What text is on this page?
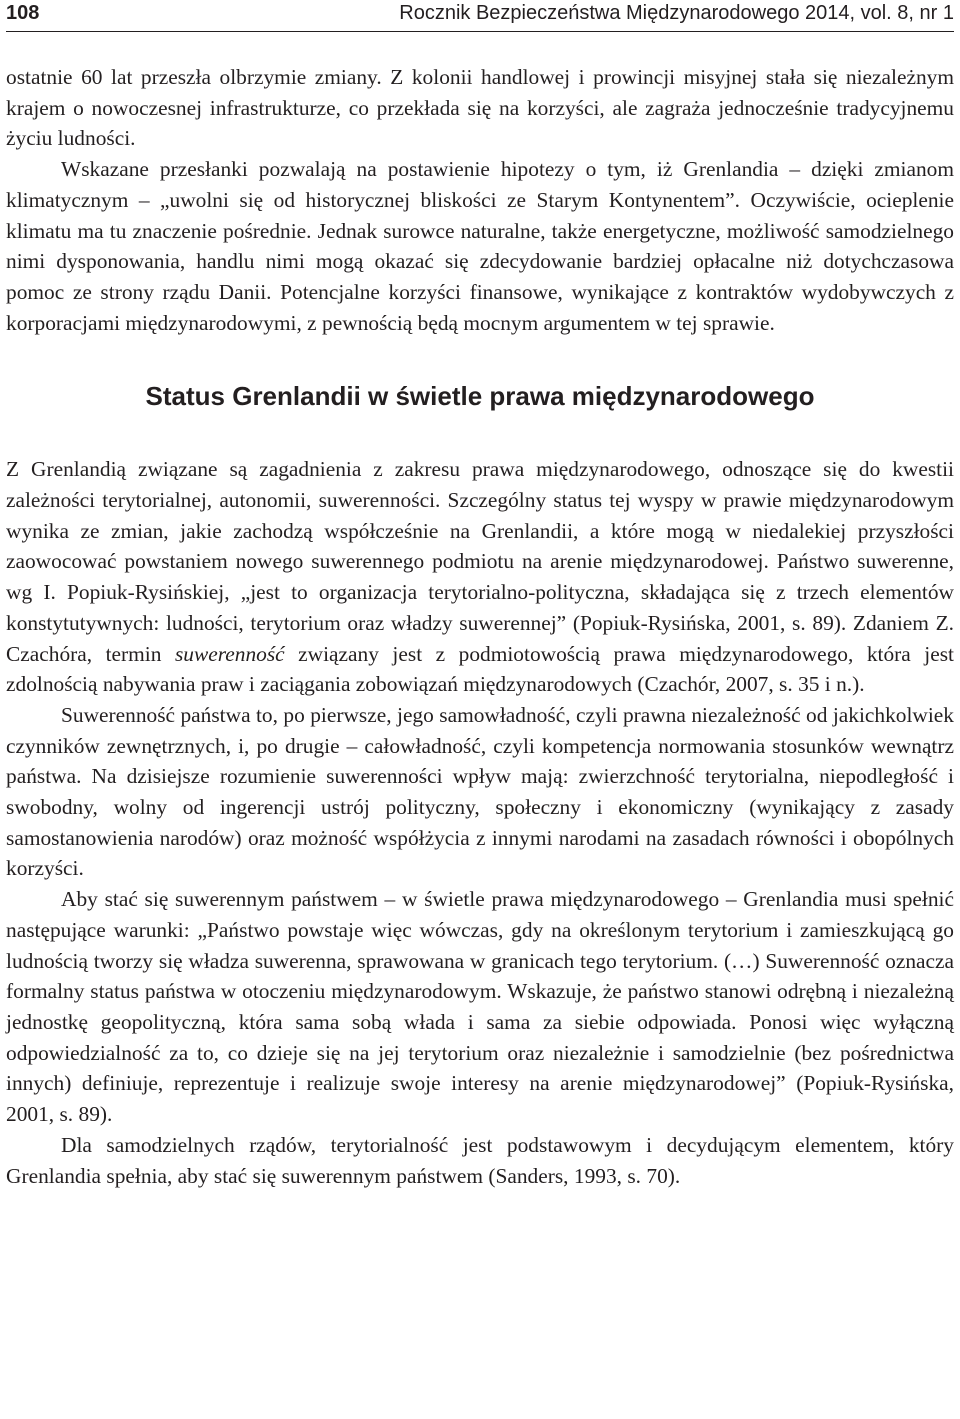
108	Rocznik Bezpieczeństwa Międzynarodowego 2014, vol. 8, nr 1

ostatnie 60 lat przeszła olbrzymie zmiany. Z kolonii handlowej i prowincji misyjnej stała się niezależnym krajem o nowoczesnej infrastrukturze, co przekłada się na korzyści, ale zagraża jednocześnie tradycyjnemu życiu ludności.

Wskazane przesłanki pozwalają na postawienie hipotezy o tym, iż Grenlandia – dzięki zmianom klimatycznym – „uwolni się od historycznej bliskości ze Starym Kontynentem”. Oczywiście, ocieplenie klimatu ma tu znaczenie pośrednie. Jednak surowce naturalne, także energetyczne, możliwość samodzielnego nimi dysponowania, handlu nimi mogą okazać się zdecydowanie bardziej opłacalne niż dotychczasowa pomoc ze strony rządu Danii. Potencjalne korzyści finansowe, wynikające z kontraktów wydobywczych z korporacjami międzynarodowymi, z pewnością będą mocnym argumentem w tej sprawie.

Status Grenlandii w świetle prawa międzynarodowego

Z Grenlandią związane są zagadnienia z zakresu prawa międzynarodowego, odnoszące się do kwestii zależności terytorialnej, autonomii, suwerenności. Szczególny status tej wyspy w prawie międzynarodowym wynika ze zmian, jakie zachodzą współcześnie na Grenlandii, a które mogą w niedalekiej przyszłości zaowocować powstaniem nowego suwerennego podmiotu na arenie międzynarodowej. Państwo suwerenne, wg I. Popiuk-Rysińskiej, „jest to organizacja terytorialno-polityczna, składająca się z trzech elementów konstytutywnych: ludności, terytorium oraz władzy suwerennej” (Popiuk-Rysińska, 2001, s. 89). Zdaniem Z. Czachóra, termin suwerenność związany jest z podmiotowością prawa międzynarodowego, która jest zdolnością nabywania praw i zaciągania zobowiązań międzynarodowych (Czachór, 2007, s. 35 i n.).

Suwerenność państwa to, po pierwsze, jego samowładność, czyli prawna niezależność od jakichkolwiek czynników zewnętrznych, i, po drugie – całowładność, czyli kompetencja normowania stosunków wewnątrz państwa. Na dzisiejsze rozumienie suwerenności wpływ mają: zwierzchność terytorialna, niepodległość i swobodny, wolny od ingerencji ustrój polityczny, społeczny i ekonomiczny (wynikający z zasady samostanowienia narodów) oraz możność współżycia z innymi narodami na zasadach równości i obopólnych korzyści.

Aby stać się suwerennym państwem – w świetle prawa międzynarodowego – Grenlandia musi spełnić następujące warunki: „Państwo powstaje więc wówczas, gdy na określonym terytorium i zamieszkującą go ludnością tworzy się władza suwerenna, sprawowana w granicach tego terytorium. (…) Suwerenność oznacza formalny status państwa w otoczeniu międzynarodowym. Wskazuje, że państwo stanowi odrębną i niezależną jednostkę geopolityczną, która sama sobą włada i sama za siebie odpowiada. Ponosi więc wyłączną odpowiedzialność za to, co dzieje się na jej terytorium oraz niezależnie i samodzielnie (bez pośrednictwa innych) definiuje, reprezentuje i realizuje swoje interesy na arenie międzynarodowej” (Popiuk-Rysińska, 2001, s. 89).

Dla samodzielnych rządów, terytorialność jest podstawowym i decydującym elementem, który Grenlandia spełnia, aby stać się suwerennym państwem (Sanders, 1993, s. 70).
